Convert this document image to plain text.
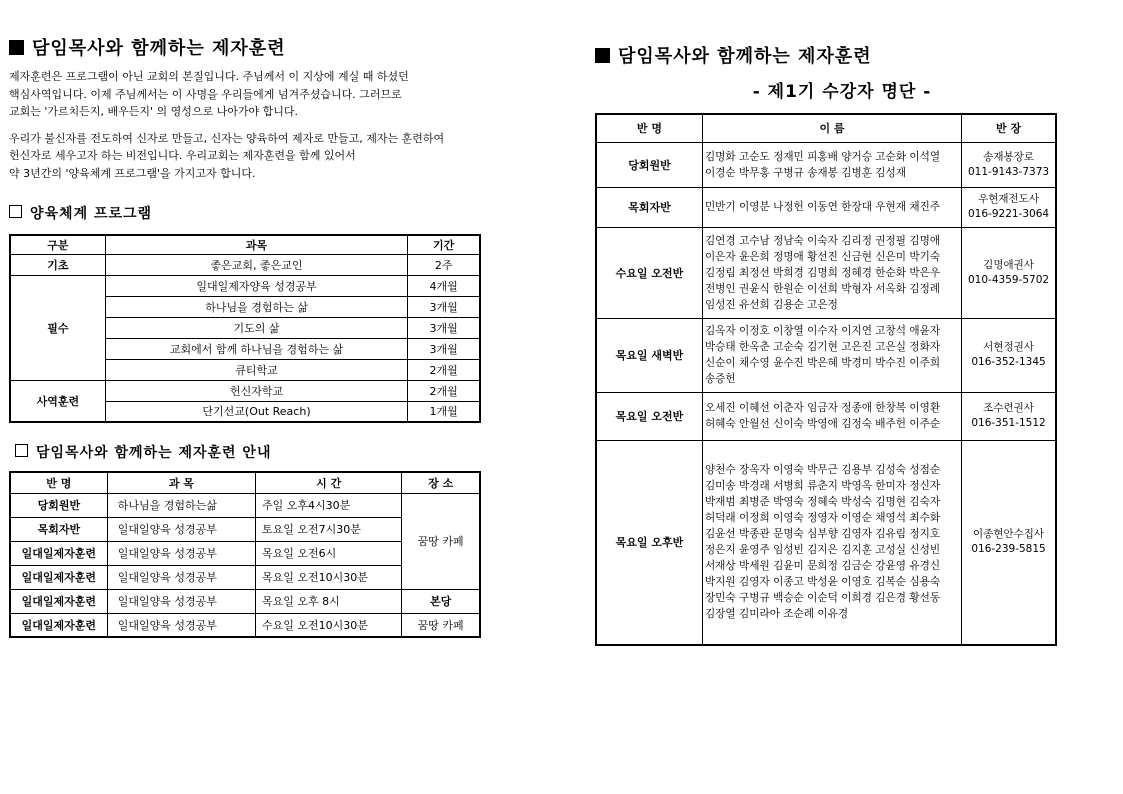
담임목사와 함께하는 제자훈련

제자훈련은 프로그램이 아닌 교회의 본질입니다. 주님께서 이 지상에 계실 때 하셨던

핵심사역입니다. 이제 주님께서는 이 사명을 우리들에게 넘겨주셨습니다. 그러므로

교회는 '가르치든지, 배우든지' 의 영성으로 나아가야 합니다.

우리가 불신자를 전도하여 신자로 만들고, 신자는 양육하여 제자로 만들고, 제자는 훈련하여

헌신자로 세우고자 하는 비전입니다. 우리교회는 제자훈련을 함께 있어서

약 3년간의 '양육체계 프로그램'을 가지고자 합니다.

양육체계 프로그램
구분	과목	기간
기초	좋은교회, 좋은교인	2주
필수	일대일제자양육 성경공부	4개월
	하나님을 경험하는 삶	3개월
	기도의 삶	3개월
	교회에서 함께 하나님을 경험하는 삶	3개월
	큐티학교	2개월
사역훈련	헌신자학교	2개월
	단기선교(Out Reach)	1개월
담임목사와 함께하는 제자훈련 안내
반 명	과 목	시 간	장 소
당회원반	하나님을 경험하는삶	주일 오후4시30분	꿈땅 카페
목회자반	일대일양육 성경공부	토요일 오전7시30분	
일대일제자훈련	일대일양육 성경공부	목요일 오전6시	
일대일제자훈련	일대일양육 성경공부	목요일 오전10시30분	
일대일제자훈련	일대일양육 성경공부	목요일 오후 8시	본당
일대일제자훈련	일대일양육 성경공부	수요일 오전10시30분	꿈땅 카페
담임목사와 함께하는 제자훈련
- 제1기 수강자 명단 -
반 명	이 름	반 장
당회원반	김명화 고순도 정재민 피홍배 양거승 고순화 이석열 이경순 박무홍 구병규 송재봉 김병훈 김성재	송재봉장로
011-9143-7373

목회자반	민반기 이영분 나정헌 이동연 한장대 우현재 채진주	우현재전도사
016-9221-3064

수요일 오전반	김연경 고수남 정남숙 이숙자 김리정 권정필 김명애 이은자 윤은희 정명애 황선진 신금현 신은미 박기숙 김정림 최정선 박희경 김명희 정혜경 한순화 박은우 전병인 권윤식 한원순 이선희 박형자 서옥화 김정례 임성진 유선희 김용순 고은정	김명애권사
010-4359-5702

목요일 새벽반	김옥자 이정호 이창열 이수자 이지연 고창석 애윤자 박승태 한옥춘 고순숙 김기현 고은진 고은실 정화자 신순이 채수영 윤수진 박은혜 박경미 박수진 이주희 송증헌	서현정권사
016-352-1345

목요일 오전반	오세진 이혜선 이춘자 임금자 정종애 한창복 이영환 허혜숙 안월선 신이숙 박영애 김정숙 배주헌 이주순	조수련권사
016-351-1512

목요일 오후반	양천수 장옥자 이영숙 박무근 김용부 김성숙 성점순 김미송 박경래 서병희 류춘지 박영옥 한미자 정신자 박재범 최병준 박영숙 정혜숙 박성숙 김명현 김숙자 허덕래 이정희 이영숙 정영자 이영순 채영석 최수화 김윤선 박종관 문명숙 심부향 김영자 김유림 정지호 정은지 윤영주 임성빈 김지은 김지훈 고성실 신성빈 서재상 박세원 김윤미 문희정 김금순 강윤영 유경신 박지원 김영자 이종고 박성윤 이영호 김복순 심용숙 장민숙 구병규 백승순 이순덕 이희경 김은경 황선동 김장열 김미라아 조순례 이유경	이종현안수집사
016-239-5815
